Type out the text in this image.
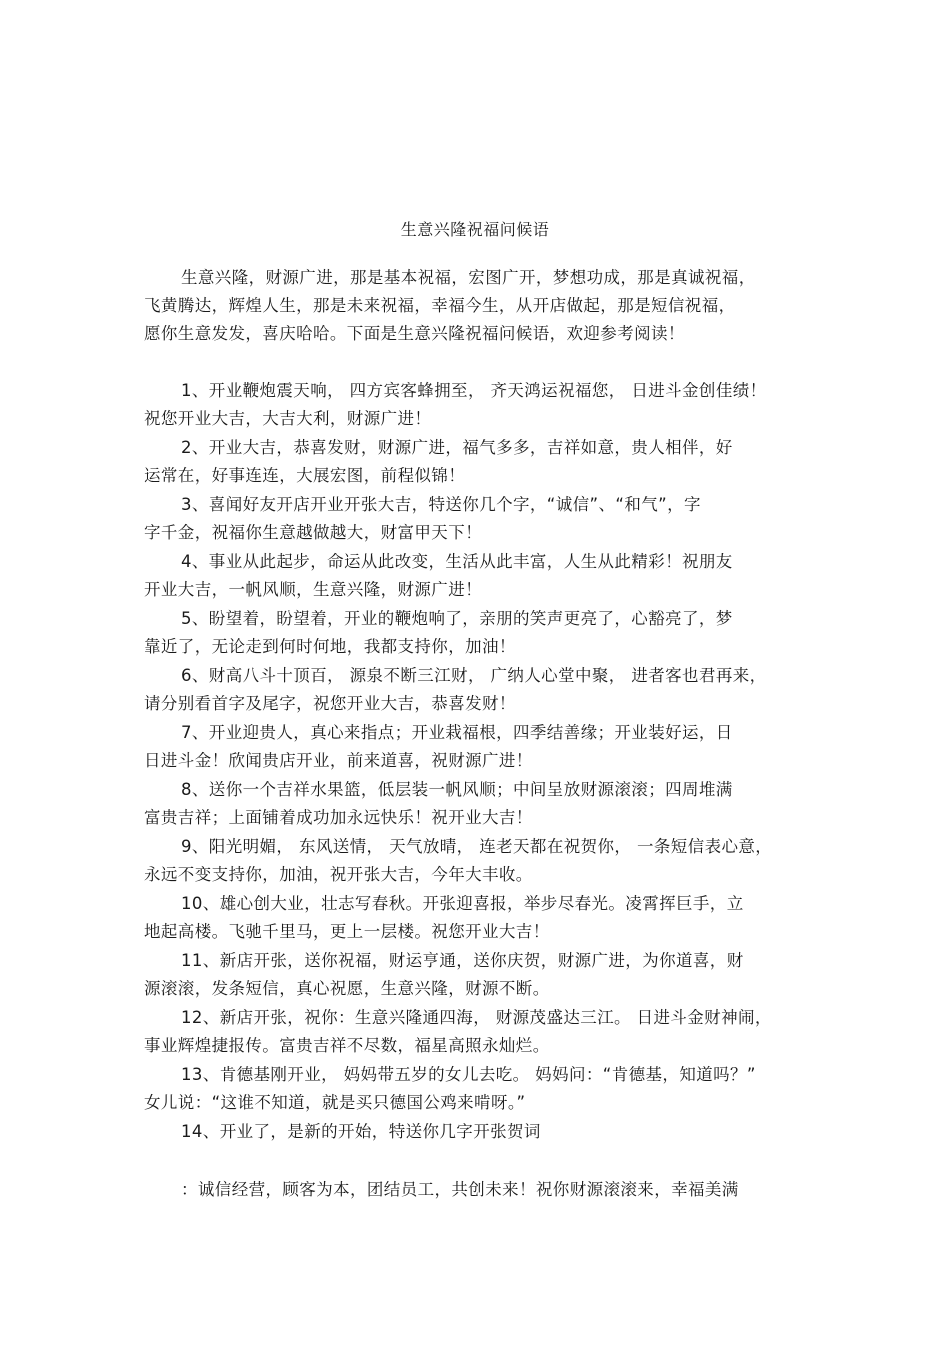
生意兴隆祝福问候语
生意兴隆，财源广进，那是基本祝福，宏图广开，梦想功成，那是真诚祝福，
飞黄腾达，辉煌人生，那是未来祝福，幸福今生，从开店做起，那是短信祝福，
愿你生意发发，喜庆哈哈。下面是生意兴隆祝福问候语，欢迎参考阅读！
1、开业鞭炮震天响， 四方宾客蜂拥至， 齐天鸿运祝福您， 日进斗金创佳绩！
祝您开业大吉，大吉大利，财源广进！
2、开业大吉，恭喜发财，财源广进，福气多多，吉祥如意，贵人相伴，好
运常在，好事连连，大展宏图，前程似锦！
3、喜闻好友开店开业开张大吉，特送你几个字，“诚信”、“和气”，字
字千金，祝福你生意越做越大，财富甲天下！
4、事业从此起步，命运从此改变，生活从此丰富，人生从此精彩！祝朋友
开业大吉，一帆风顺，生意兴隆，财源广进！
5、盼望着，盼望着，开业的鞭炮响了，亲朋的笑声更亮了，心豁亮了，梦
靠近了，无论走到何时何地，我都支持你，加油！
6、财高八斗十顶百， 源泉不断三江财， 广纳人心堂中聚， 进者客也君再来，
请分别看首字及尾字，祝您开业大吉，恭喜发财！
7、开业迎贵人，真心来指点；开业栽福根，四季结善缘；开业装好运，日
日进斗金！欣闻贵店开业，前来道喜，祝财源广进！
8、送你一个吉祥水果篮，低层装一帆风顺；中间呈放财源滚滚；四周堆满
富贵吉祥；上面铺着成功加永远快乐！祝开业大吉！
9、阳光明媚， 东风送情， 天气放晴， 连老天都在祝贺你， 一条短信表心意，
永远不变支持你，加油，祝开张大吉，今年大丰收。
10、雄心创大业，壮志写春秋。开张迎喜报，举步尽春光。凌霄挥巨手，立
地起高楼。飞驰千里马，更上一层楼。祝您开业大吉！
11、新店开张，送你祝福，财运亨通，送你庆贺，财源广进，为你道喜，财
源滚滚，发条短信，真心祝愿，生意兴隆，财源不断。
12、新店开张，祝你：生意兴隆通四海， 财源茂盛达三江。 日进斗金财神闹，
事业辉煌捷报传。富贵吉祥不尽数，福星高照永灿烂。
13、肯德基刚开业， 妈妈带五岁的女儿去吃。 妈妈问：“肯德基，知道吗？”
女儿说：“这谁不知道，就是买只德国公鸡来啃呀。”
14、开业了，是新的开始，特送你几字开张贺词
：诚信经营，顾客为本，团结员工，共创未来！祝你财源滚滚来，幸福美满
